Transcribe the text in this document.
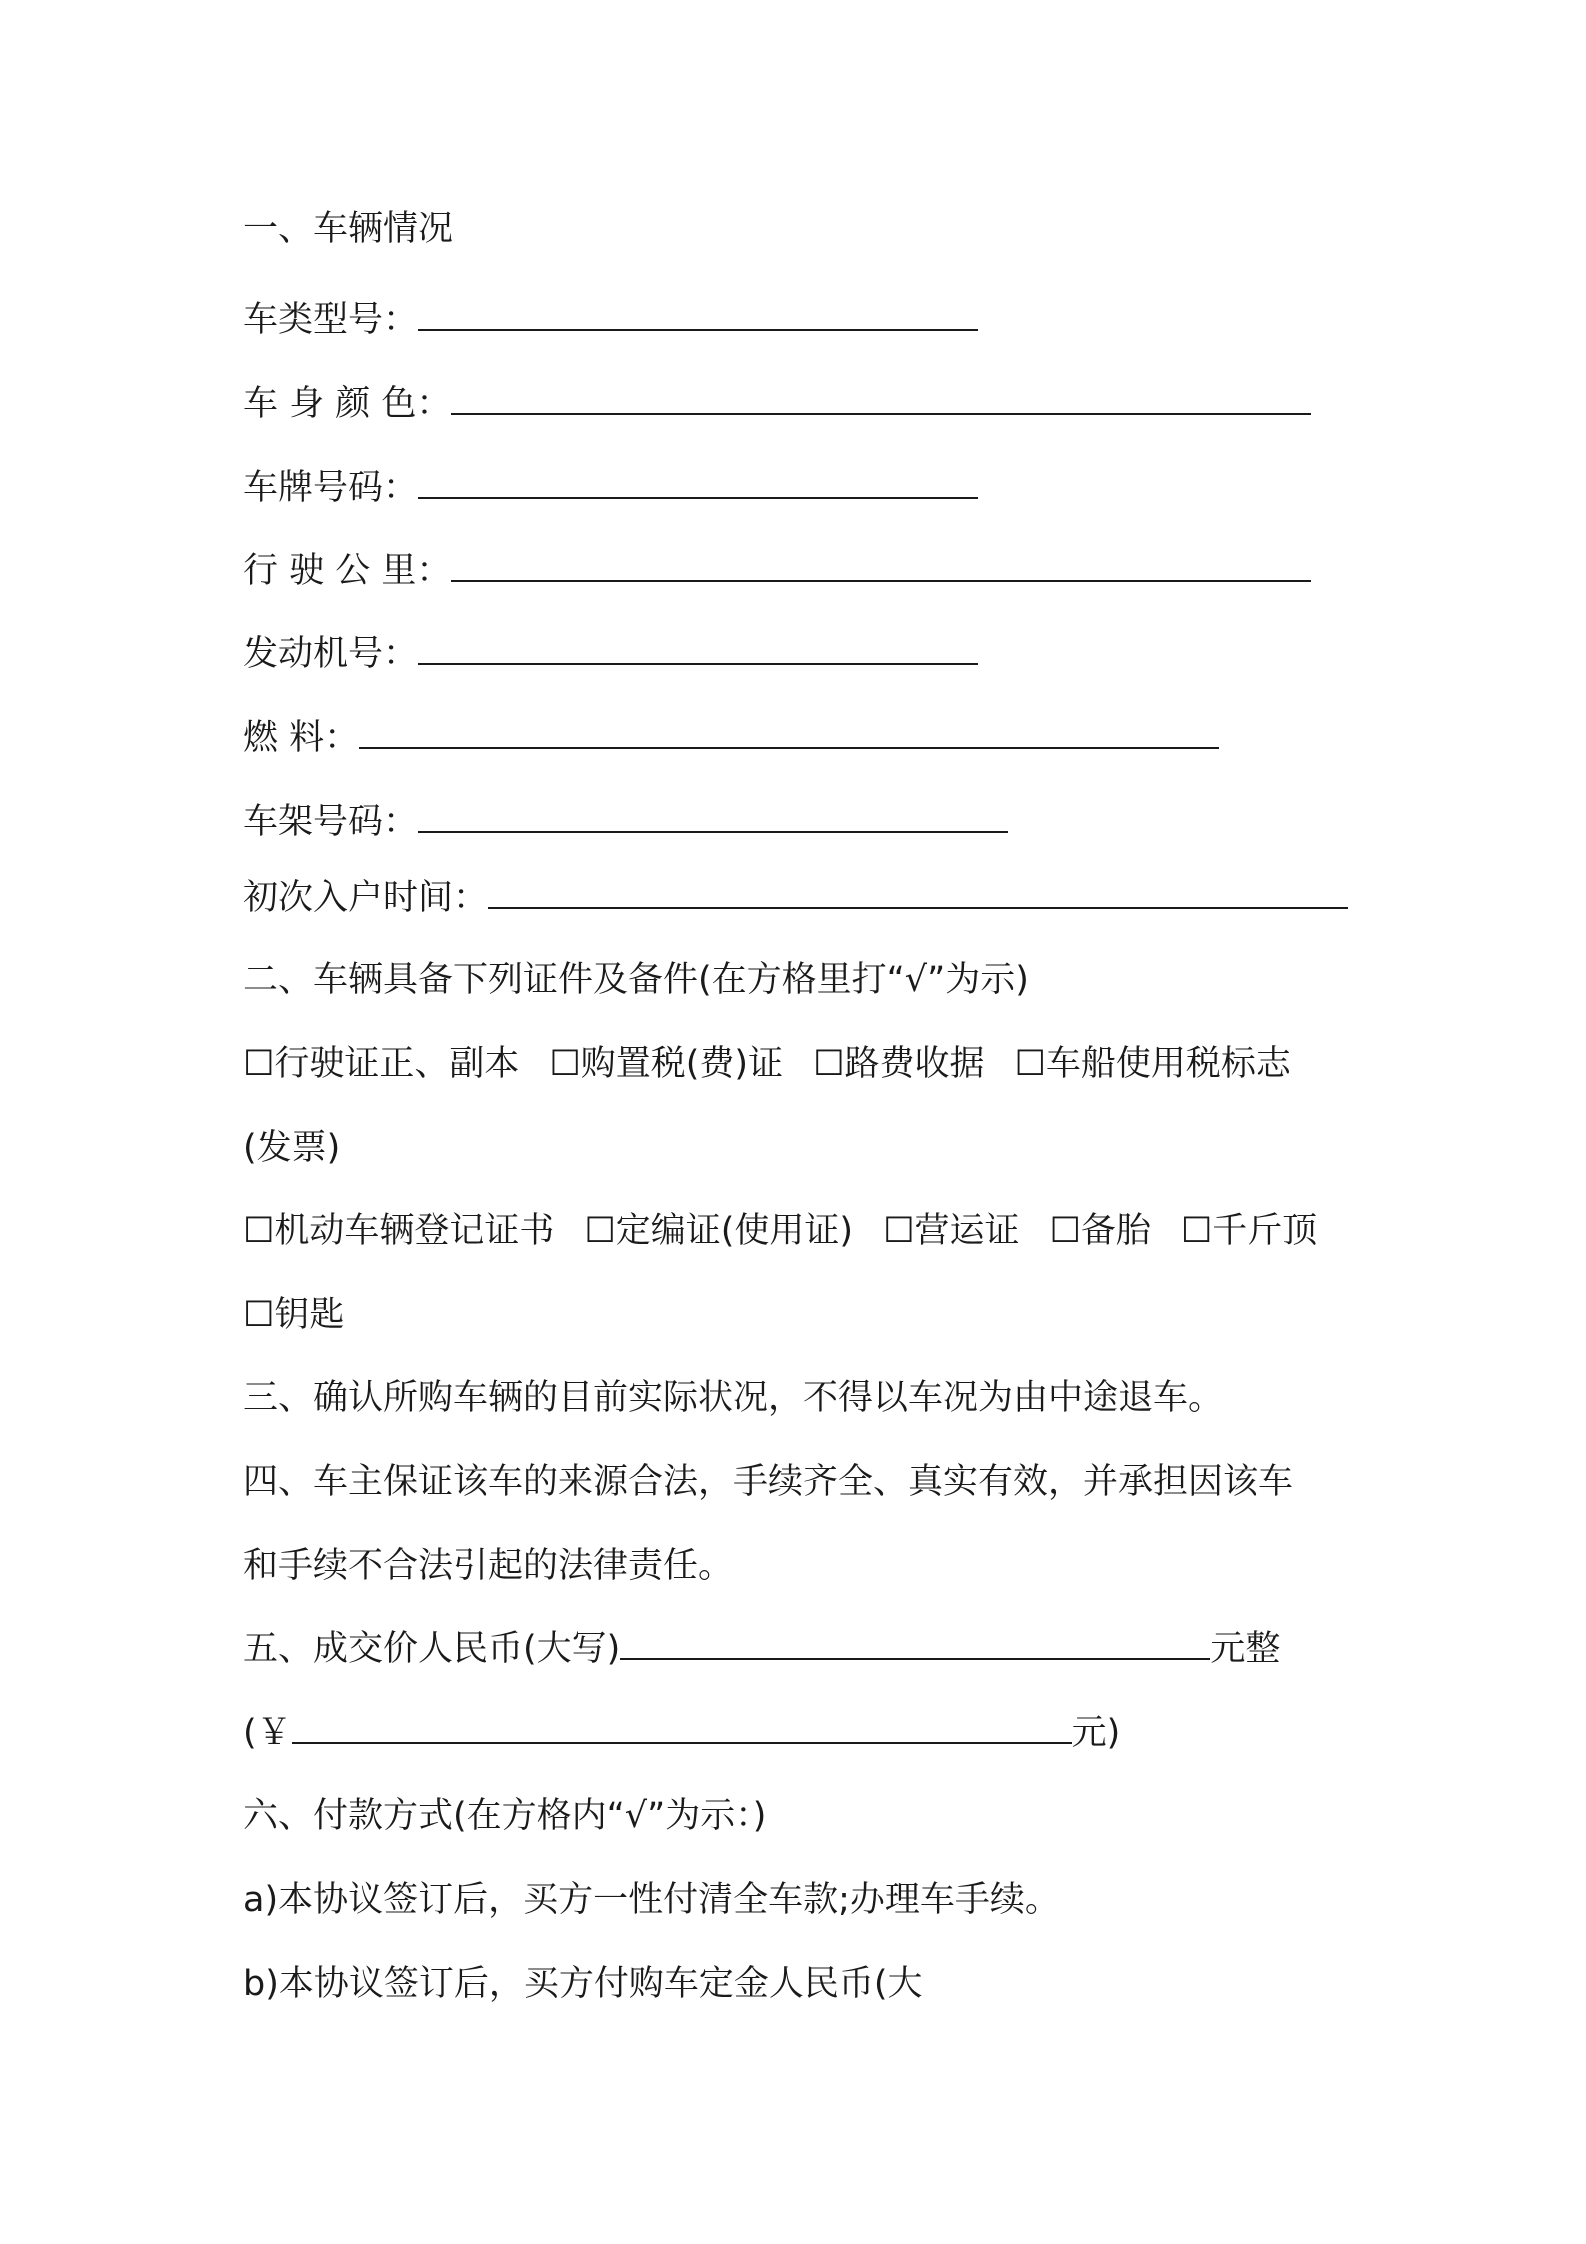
一、车辆情况
车类型号：
车 身 颜 色：
车牌号码：
行 驶 公 里：
发动机号：
燃 料：
车架号码：
初次入户时间：
二、车辆具备下列证件及备件(在方格里打“√”为示)
☐行驶证正、副本 ☐购置税(费)证 ☐路费收据 ☐车船使用税标志
(发票)
☐机动车辆登记证书 ☐定编证(使用证) ☐营运证 ☐备胎 ☐千斤顶
☐钥匙
三、确认所购车辆的目前实际状况，不得以车况为由中途退车。
四、车主保证该车的来源合法，手续齐全、真实有效，并承担因该车
和手续不合法引起的法律责任。
五、成交价人民币(大写)	元整
(￥	元)
六、付款方式(在方格内“√”为示：)
a)本协议签订后，买方一性付清全车款;办理车手续。
b)本协议签订后，买方付购车定金人民币(大
